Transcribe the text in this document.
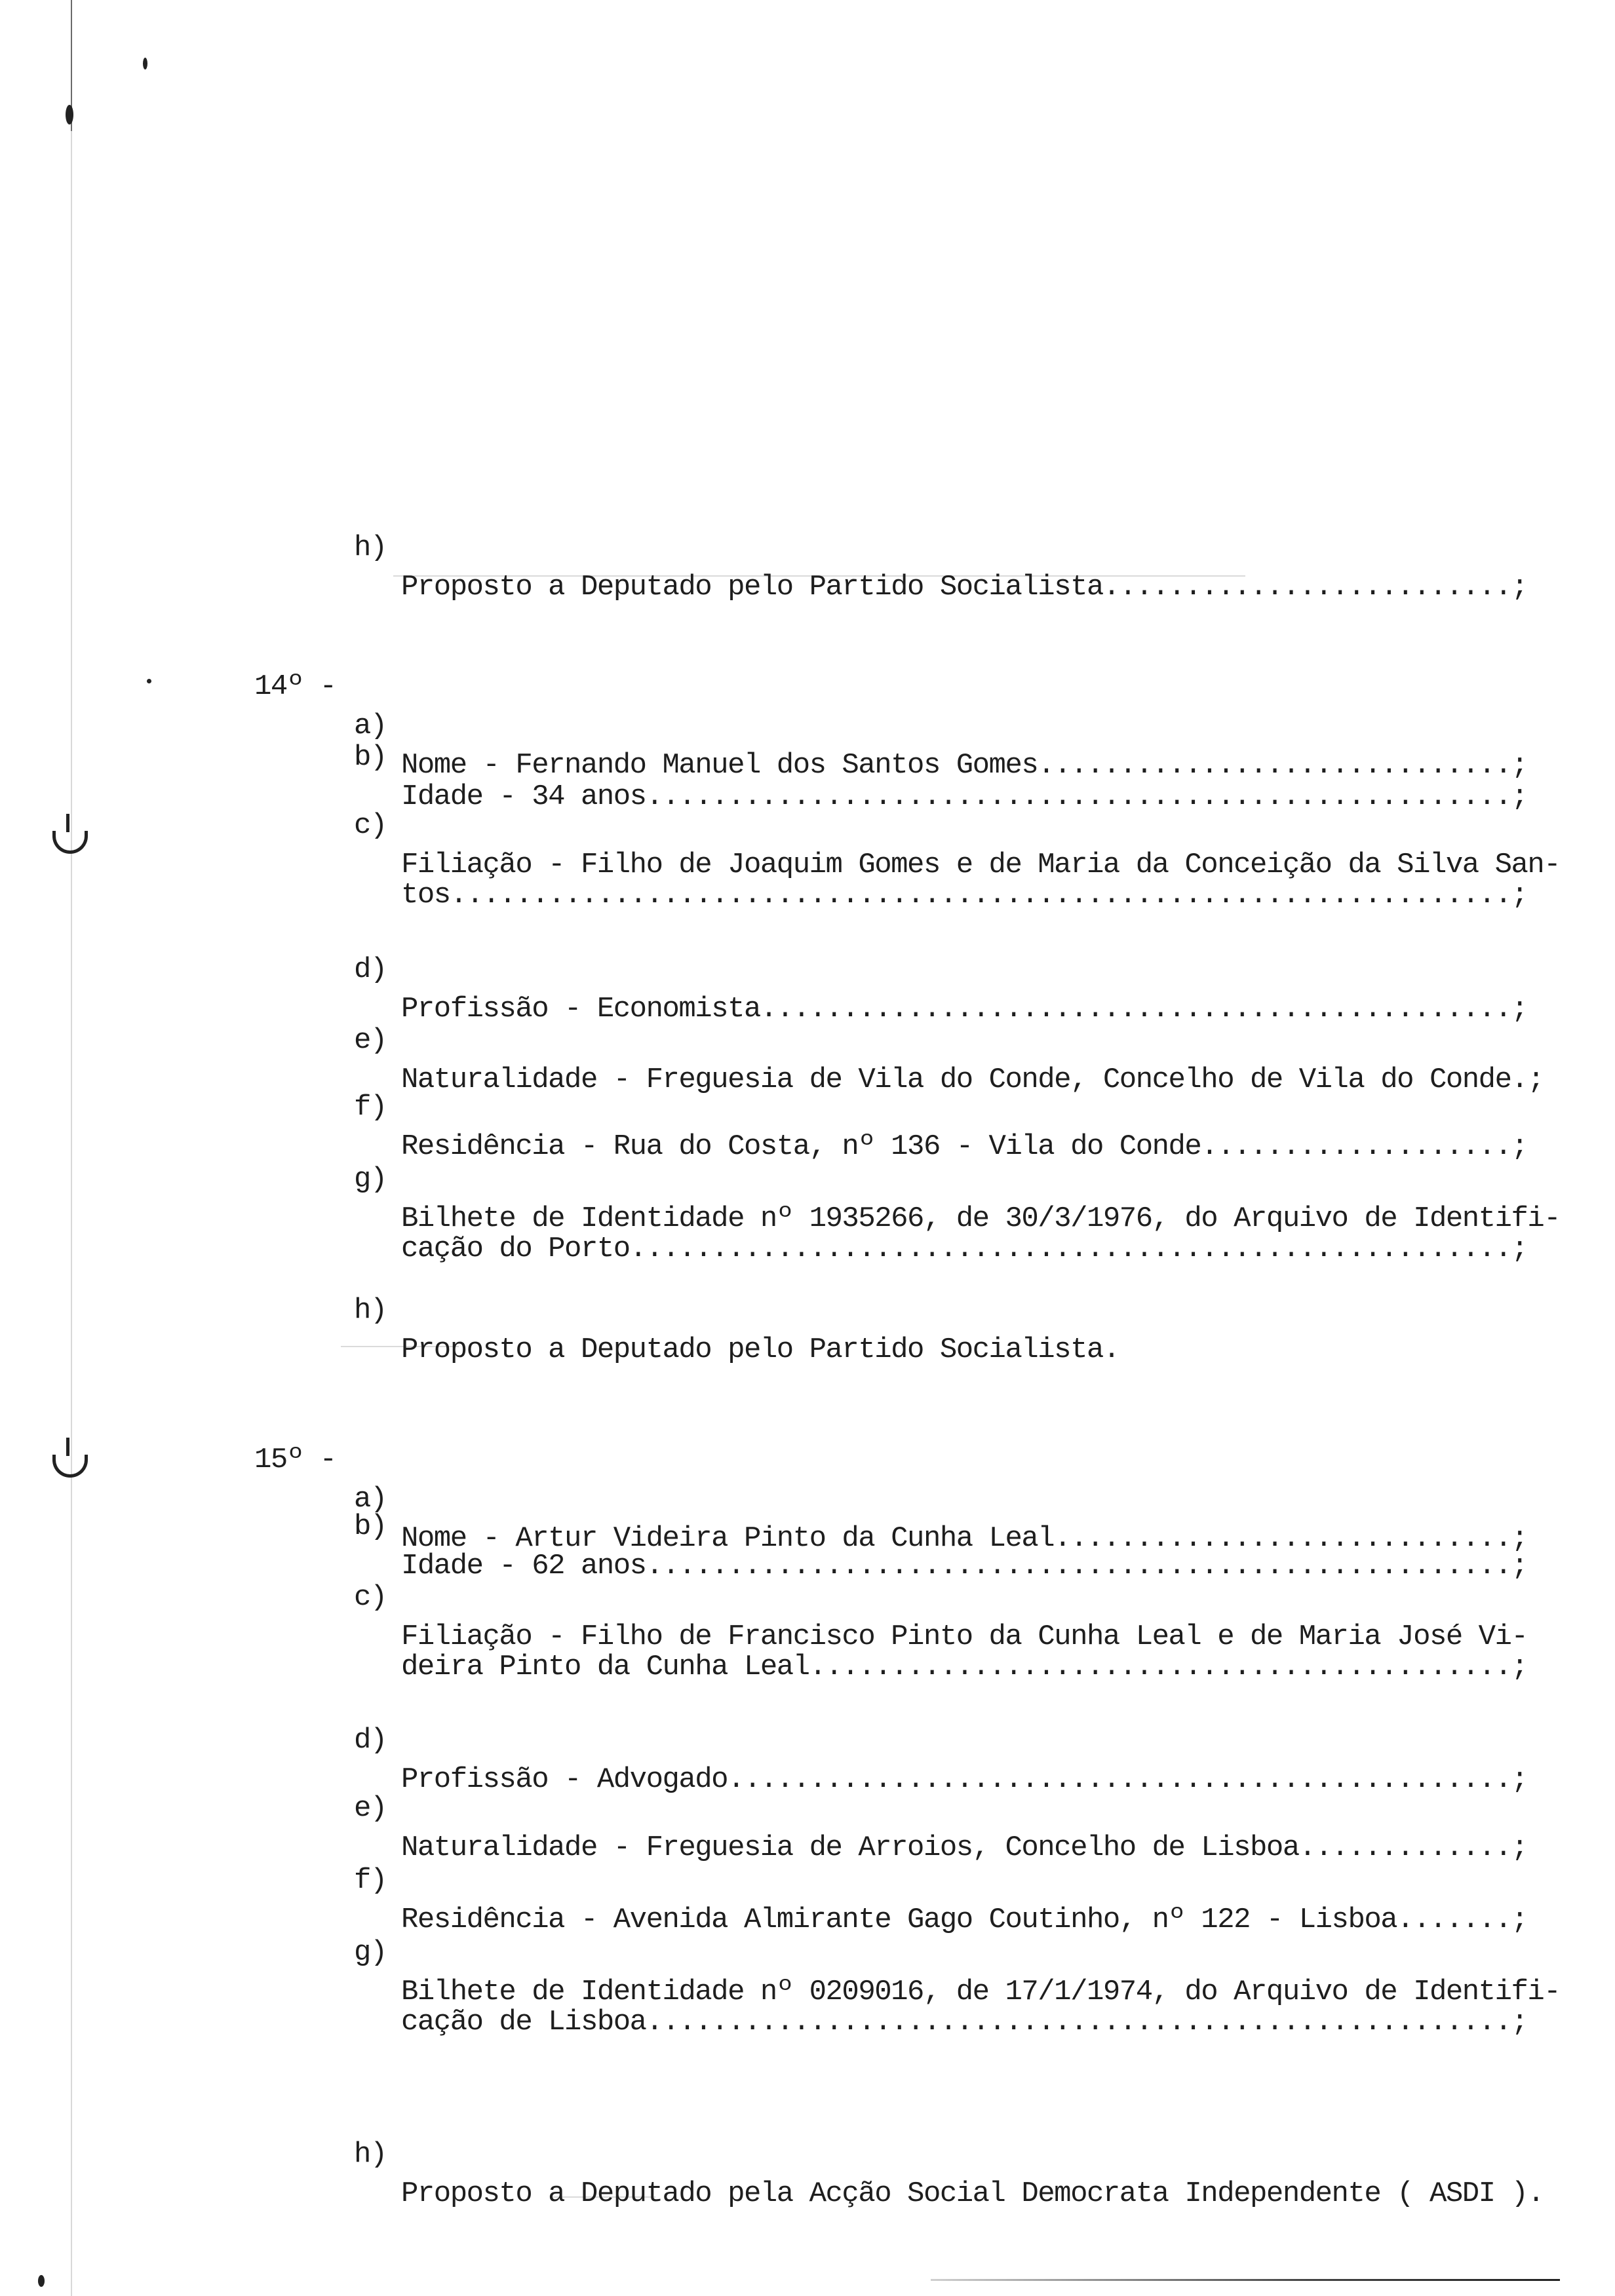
h)

Proposto a Deputado pelo Partido Socialista.........................;

14º -

a)

Nome - Fernando Manuel dos Santos Gomes.............................;

b)

Idade - 34 anos.....................................................;

c)

Filiação - Filho de Joaquim Gomes e de Maria da Conceição da Silva San-

tos.................................................................;

d)

Profissão - Economista..............................................;

e)

Naturalidade - Freguesia de Vila do Conde, Concelho de Vila do Conde.;

f)

Residência - Rua do Costa, nº 136 - Vila do Conde...................;

g)

Bilhete de Identidade nº 1935266, de 30/3/1976, do Arquivo de Identifi-

cação do Porto......................................................;

h)

Proposto a Deputado pelo Partido Socialista.

15º -

a)

Nome - Artur Videira Pinto da Cunha Leal............................;

b)

Idade - 62 anos.....................................................;

c)

Filiação - Filho de Francisco Pinto da Cunha Leal e de Maria José Vi-

deira Pinto da Cunha Leal...........................................;

d)

Profissão - Advogado................................................;

e)

Naturalidade - Freguesia de Arroios, Concelho de Lisboa.............;

f)

Residência - Avenida Almirante Gago Coutinho, nº 122 - Lisboa.......;

g)

Bilhete de Identidade nº 0209016, de 17/1/1974, do Arquivo de Identifi-

cação de Lisboa.....................................................;

h)

Proposto a Deputado pela Acção Social Democrata Independente ( ASDI ).
